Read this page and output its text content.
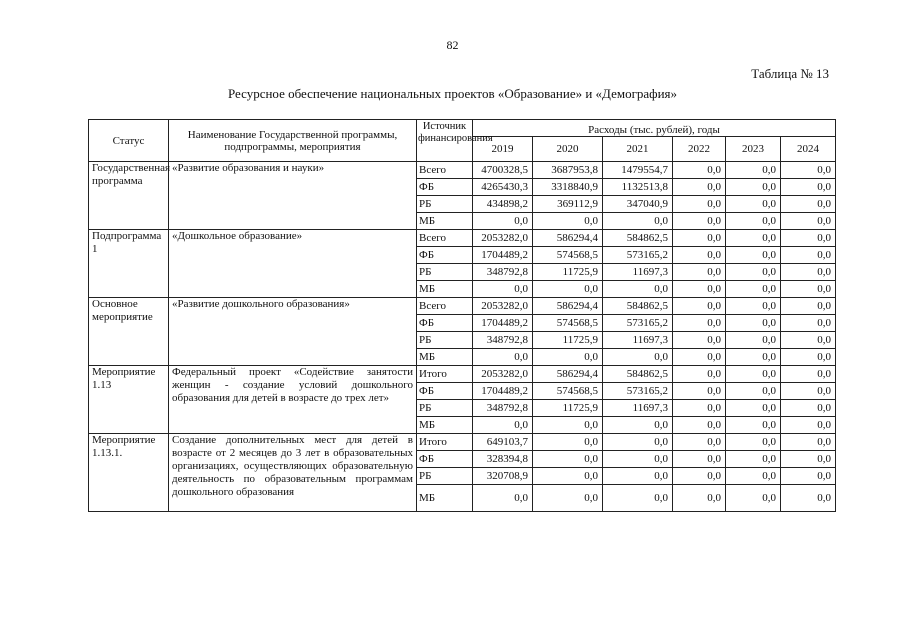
82
Таблица № 13
Ресурсное обеспечение национальных проектов «Образование» и «Демография»
Статус	Наименование Государственной программы, подпрограммы, мероприятия	Источник финансирования	Расходы (тыс. рублей), годы					
			2019	2020	2021	2022	2023	2024
Государственная программа	«Развитие образования и науки»	Всего	4700328,5	3687953,8	1479554,7	0,0	0,0	0,0
		ФБ	4265430,3	3318840,9	1132513,8	0,0	0,0	0,0
		РБ	434898,2	369112,9	347040,9	0,0	0,0	0,0
		МБ	0,0	0,0	0,0	0,0	0,0	0,0
Подпрограмма 1	«Дошкольное образование»	Всего	2053282,0	586294,4	584862,5	0,0	0,0	0,0
		ФБ	1704489,2	574568,5	573165,2	0,0	0,0	0,0
		РБ	348792,8	11725,9	11697,3	0,0	0,0	0,0
		МБ	0,0	0,0	0,0	0,0	0,0	0,0
Основное мероприятие	«Развитие дошкольного образования»	Всего	2053282,0	586294,4	584862,5	0,0	0,0	0,0
		ФБ	1704489,2	574568,5	573165,2	0,0	0,0	0,0
		РБ	348792,8	11725,9	11697,3	0,0	0,0	0,0
		МБ	0,0	0,0	0,0	0,0	0,0	0,0
Мероприятие 1.13	Федеральный проект «Содействие занятости женщин - создание условий дошкольного образования для детей в возрасте до трех лет»	Итого	2053282,0	586294,4	584862,5	0,0	0,0	0,0
		ФБ	1704489,2	574568,5	573165,2	0,0	0,0	0,0
		РБ	348792,8	11725,9	11697,3	0,0	0,0	0,0
		МБ	0,0	0,0	0,0	0,0	0,0	0,0
Мероприятие 1.13.1.	Создание дополнительных мест для детей в возрасте от 2 месяцев до 3 лет в образовательных организациях, осуществляющих образовательную деятельность по образовательным программам дошкольного образования	Итого	649103,7	0,0	0,0	0,0	0,0	0,0
		ФБ	328394,8	0,0	0,0	0,0	0,0	0,0
		РБ	320708,9	0,0	0,0	0,0	0,0	0,0
		МБ	0,0	0,0	0,0	0,0	0,0	0,0
